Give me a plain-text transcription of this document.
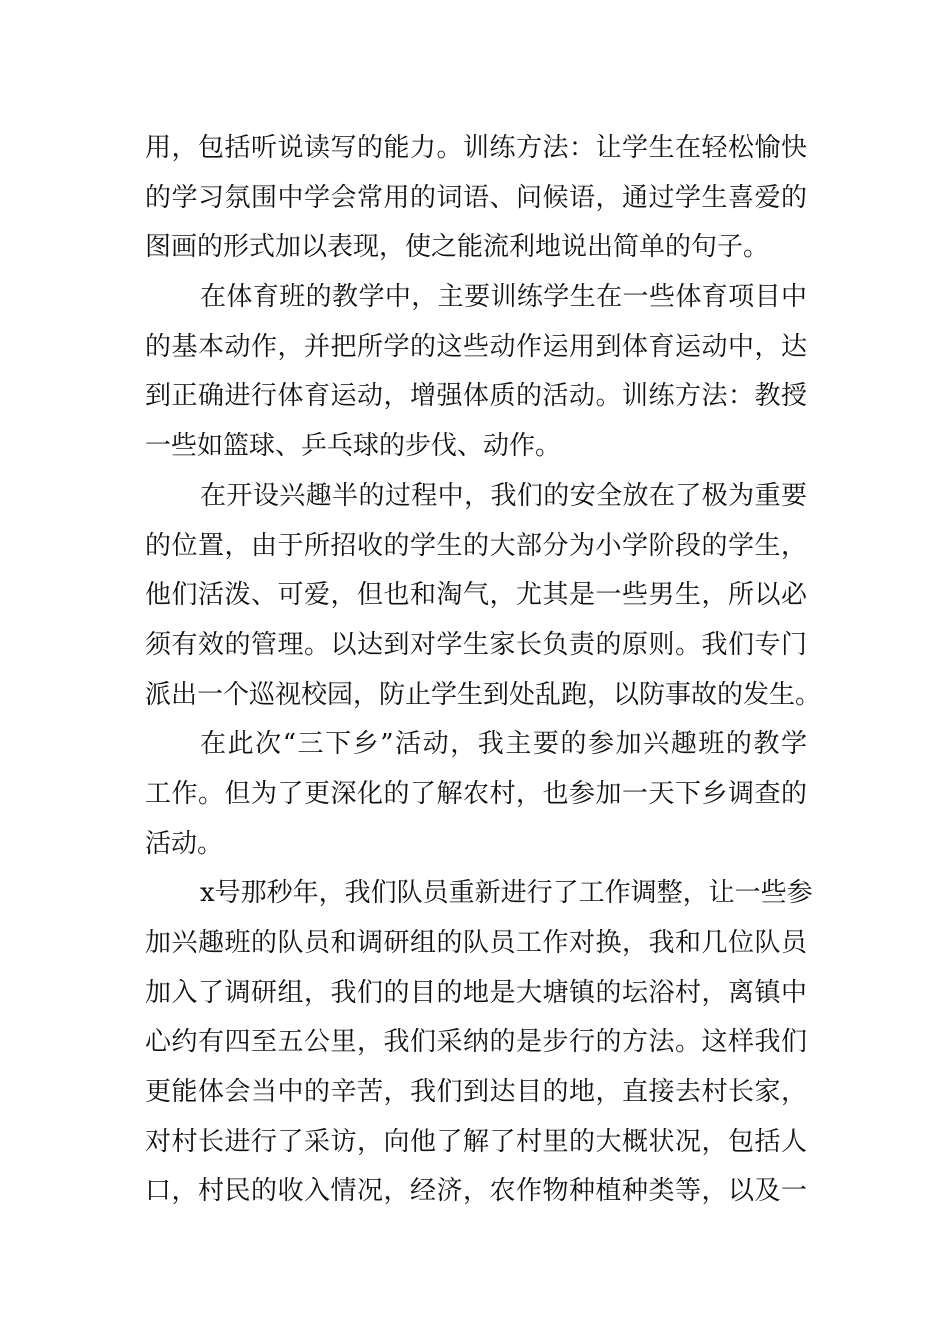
用，包括听说读写的能力。训练方法：让学生在轻松愉快
的学习氛围中学会常用的词语、问候语，通过学生喜爱的
图画的形式加以表现，使之能流利地说出简单的句子。
在体育班的教学中，主要训练学生在一些体育项目中
的基本动作，并把所学的这些动作运用到体育运动中，达
到正确进行体育运动，增强体质的活动。训练方法：教授
一些如篮球、乒乓球的步伐、动作。
在开设兴趣半的过程中，我们的安全放在了极为重要
的位置，由于所招收的学生的大部分为小学阶段的学生，
他们活泼、可爱，但也和淘气，尤其是一些男生，所以必
须有效的管理。以达到对学生家长负责的原则。我们专门
派出一个巡视校园，防止学生到处乱跑，以防事故的发生。
在此次“三下乡”活动，我主要的参加兴趣班的教学
工作。但为了更深化的了解农村，也参加一天下乡调查的
活动。
x号那秒年，我们队员重新进行了工作调整，让一些参
加兴趣班的队员和调研组的队员工作对换，我和几位队员
加入了调研组，我们的目的地是大塘镇的坛浴村，离镇中
心约有四至五公里，我们采纳的是步行的方法。这样我们
更能体会当中的辛苦，我们到达目的地，直接去村长家，
对村长进行了采访，向他了解了村里的大概状况，包括人
口，村民的收入情况，经济，农作物种植种类等，以及一
